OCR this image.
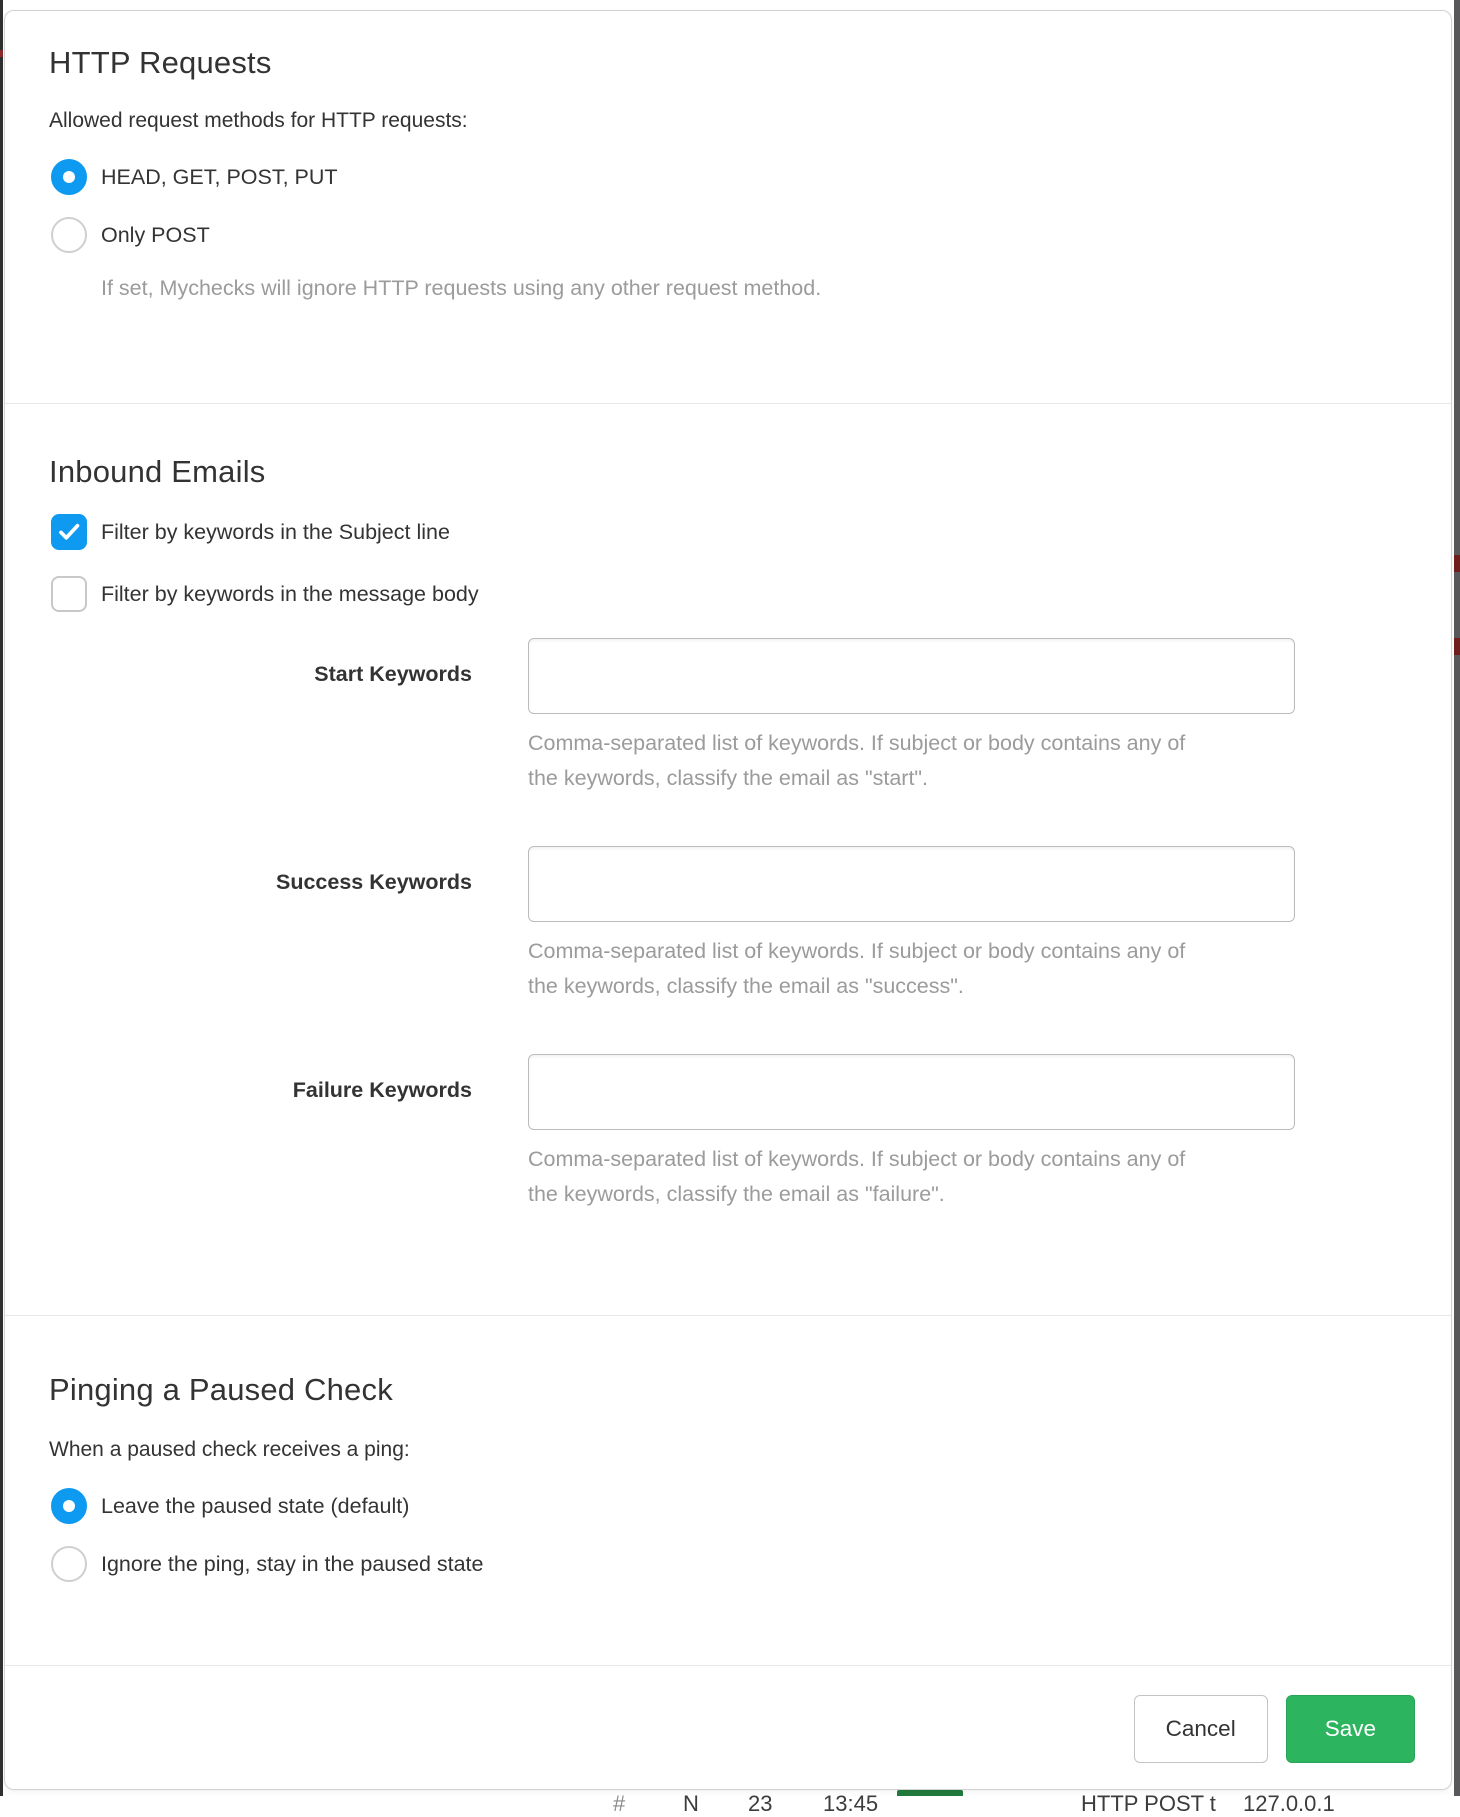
#	N 23 13:45	HTTP POST t 127.0.0.1
HTTP Requests
Allowed request methods for HTTP requests:
HEAD, GET, POST, PUT
Only POST
If set, Mychecks will ignore HTTP requests using any other request method.
Inbound Emails
Filter by keywords in the Subject line
Filter by keywords in the message body
Start Keywords
Comma-separated list of keywords. If subject or body contains any of the keywords, classify the email as "start".
Success Keywords
Comma-separated list of keywords. If subject or body contains any of the keywords, classify the email as "success".
Failure Keywords
Comma-separated list of keywords. If subject or body contains any of the keywords, classify the email as "failure".
Pinging a Paused Check
When a paused check receives a ping:
Leave the paused state (default)
Ignore the ping, stay in the paused state
Cancel	Save
